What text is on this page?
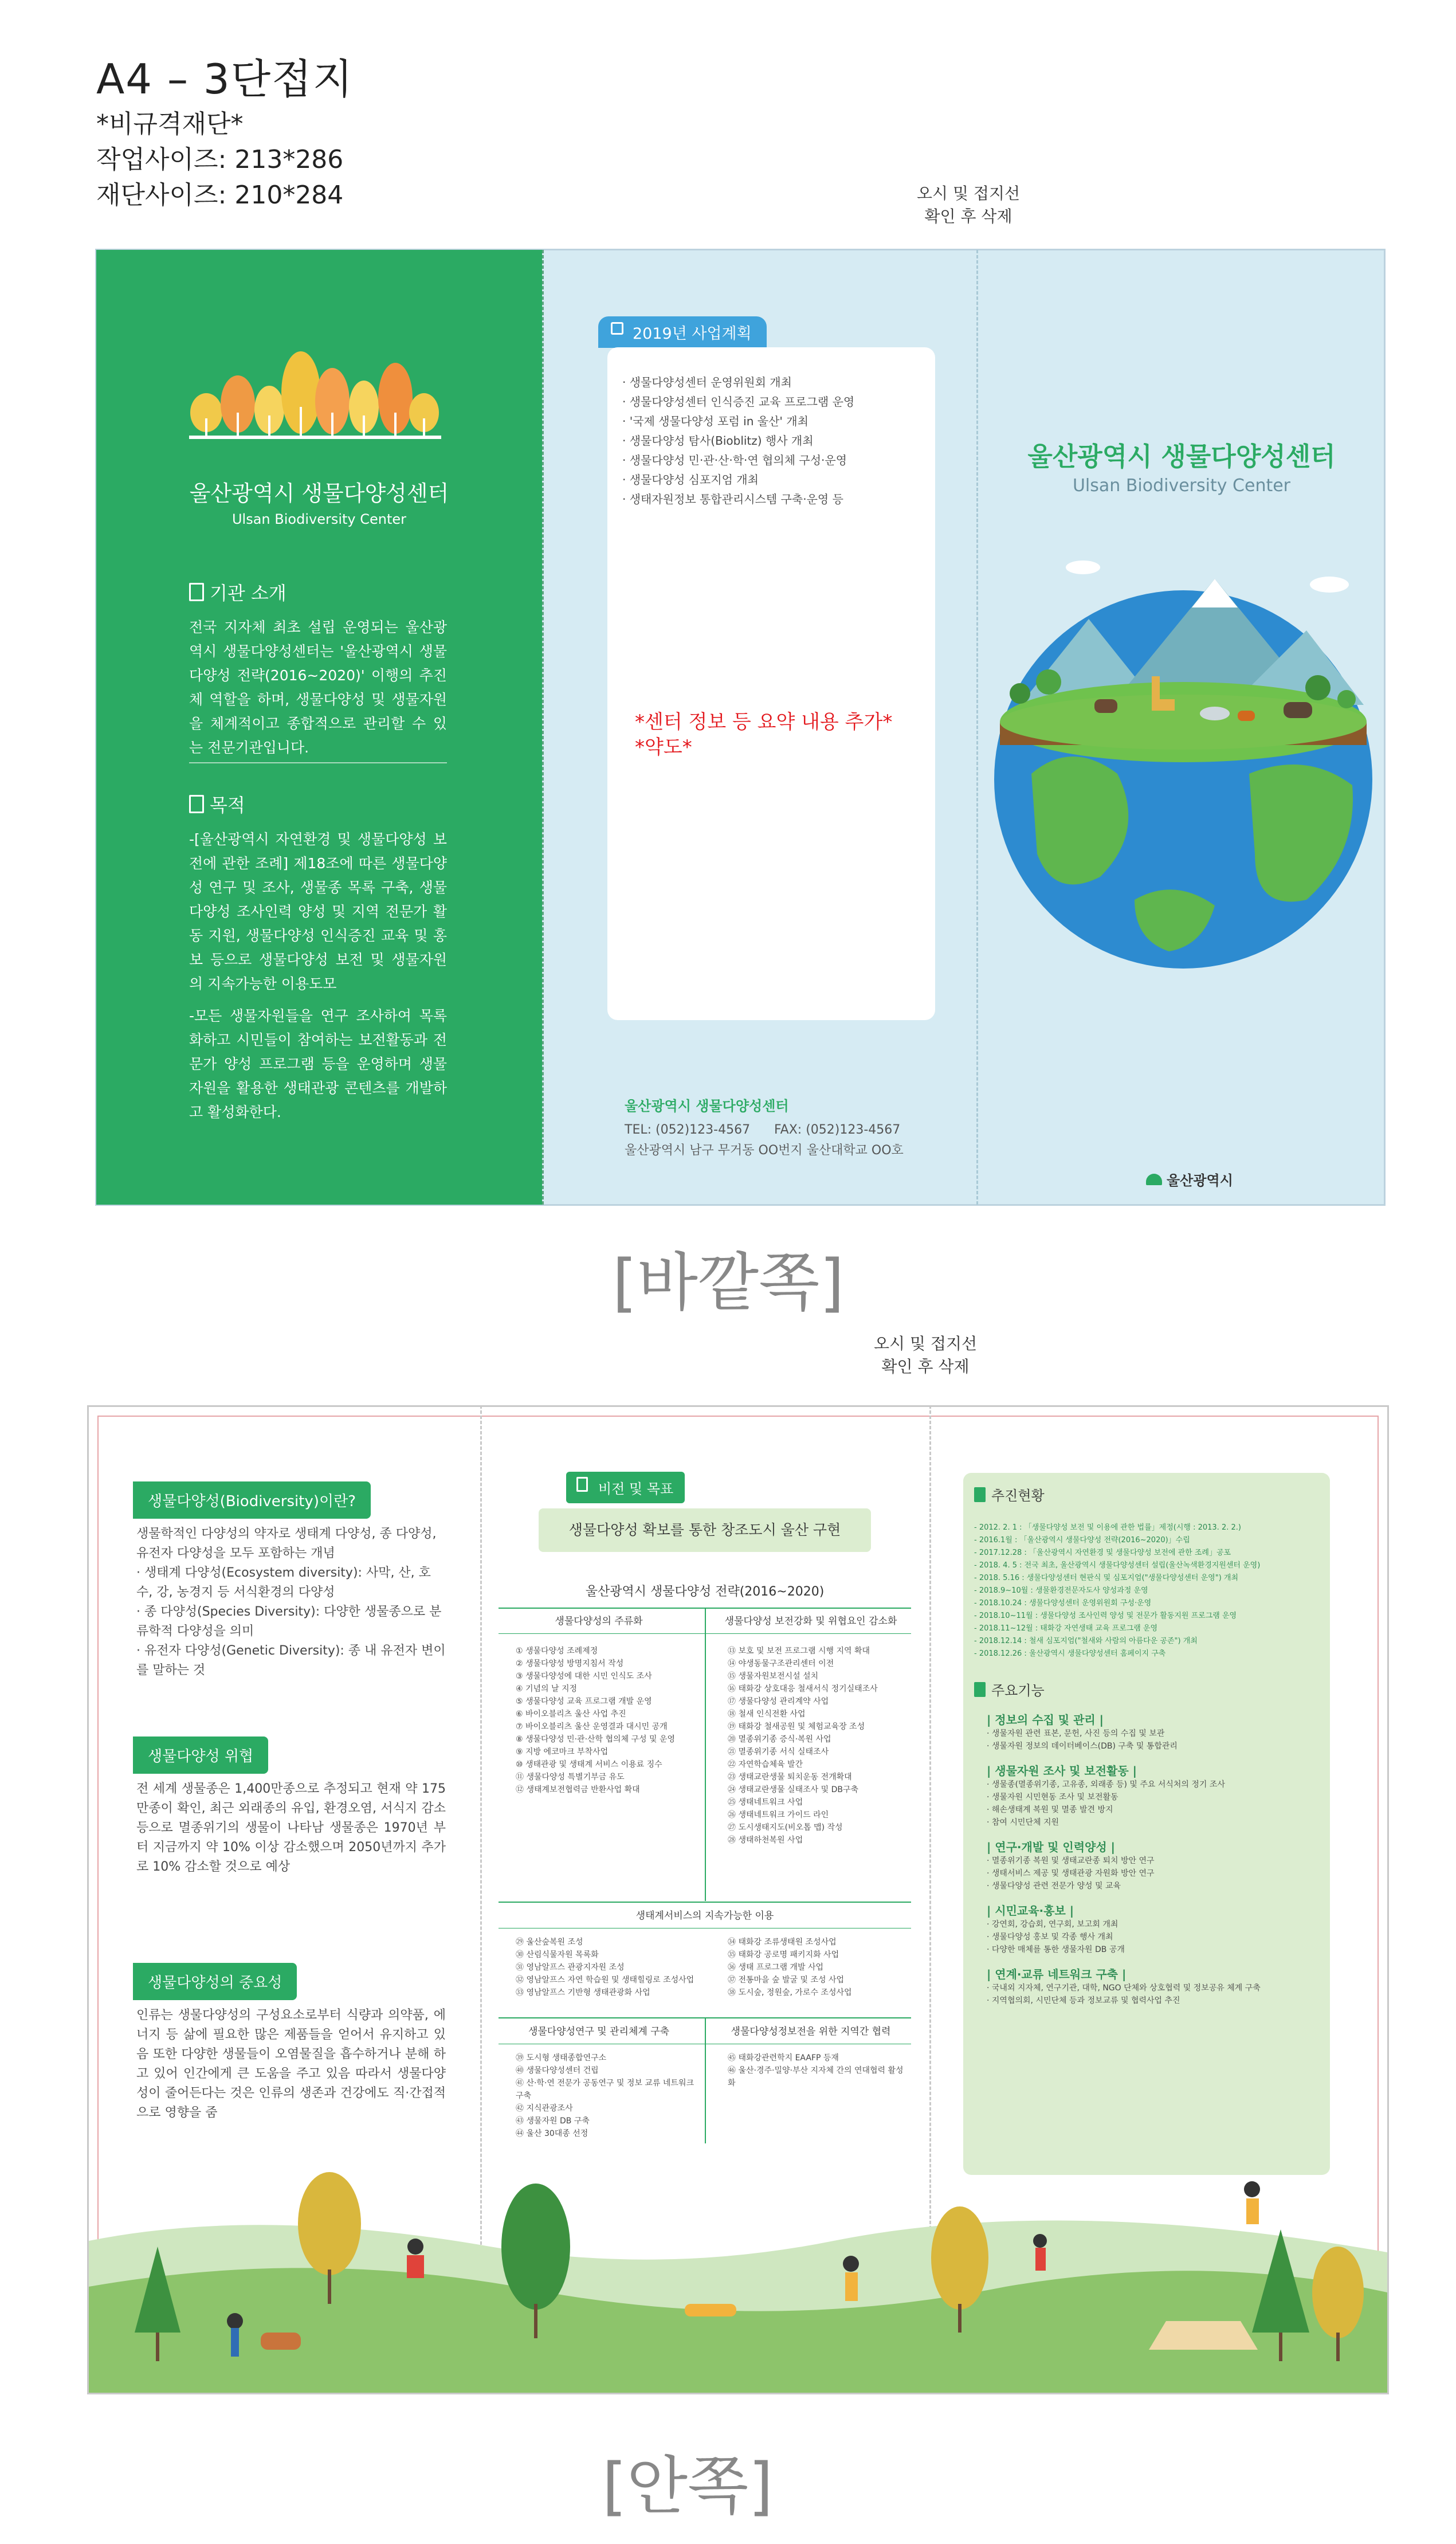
A4 – 3단접지
*비규격재단*
작업사이즈: 213*286
재단사이즈: 210*284	오시 및 접지선
확인 후 삭제
울산광역시 생물다양성센터
Ulsan Biodiversity Center
기관 소개
전국 지자체 최초 설립 운영되는 울산광역시 생물다양성센터는 '울산광역시 생물다양성 전략(2016~2020)' 이행의 추진체 역할을 하며, 생물다양성 및 생물자원을 체계적이고 종합적으로 관리할 수 있는 전문기관입니다.
목적
-[울산광역시 자연환경 및 생물다양성 보전에 관한 조례] 제18조에 따른 생물다양성 연구 및 조사, 생물종 목록 구축, 생물다양성 조사인력 양성 및 지역 전문가 활동 지원, 생물다양성 인식증진 교육 및 홍보 등으로 생물다양성 보전 및 생물자원의 지속가능한 이용도모
-모든 생물자원들을 연구 조사하여 목록화하고 시민들이 참여하는 보전활동과 전문가 양성 프로그램 등을 운영하며 생물자원을 활용한 생태관광 콘텐츠를 개발하고 활성화한다.
2019년 사업계획
· 생물다양성센터 운영위원회 개최
· 생물다양성센터 인식증진 교육 프로그램 운영
· '국제 생물다양성 포럼 in 울산' 개최
· 생물다양성 탐사(Bioblitz) 행사 개최
· 생물다양성 민·관·산·학·연 협의체 구성·운영
· 생물다양성 심포지엄 개최
· 생태자원정보 통합관리시스템 구축·운영 등
*센터 정보 등 요약 내용 추가*
*약도*
울산광역시 생물다양성센터
TEL: (052)123-4567      FAX: (052)123-4567
울산광역시 남구 무거동 OO번지 울산대학교 OO호
울산광역시 생물다양성센터
Ulsan Biodiversity Center
울산광역시
[바깥쪽]
오시 및 접지선
확인 후 삭제
생물다양성(Biodiversity)이란?
생물학적인 다양성의 약자로 생태계 다양성, 종 다양성, 유전자 다양성을 모두 포함하는 개념
· 생태계 다양성(Ecosystem diversity): 사막, 산, 호수, 강, 농경지 등 서식환경의 다양성
· 종 다양성(Species Diversity): 다양한 생물종으로 분류학적 다양성을 의미
· 유전자 다양성(Genetic Diversity): 종 내 유전자 변이를 말하는 것
생물다양성 위협
전 세계 생물종은 1,400만종으로 추정되고 현재 약 175만종이 확인, 최근 외래종의 유입, 환경오염, 서식지 감소 등으로 멸종위기의 생물이 나타남 생물종은 1970년 부터 지금까지 약 10% 이상 감소했으며 2050년까지 추가로 10% 감소할 것으로 예상
생물다양성의 중요성
인류는 생물다양성의 구성요소로부터 식량과 의약품, 에너지 등 삶에 필요한 많은 제품들을 얻어서 유지하고 있음 또한 다양한 생물들이 오염물질을 흡수하거나 분해 하고 있어 인간에게 큰 도움을 주고 있음 따라서 생물다양성이 줄어든다는 것은 인류의 생존과 건강에도 직·간접적으로 영향을 줌
비전 및 목표
생물다양성 확보를 통한 창조도시 울산 구현
울산광역시 생물다양성 전략(2016~2020)
생물다양성의 주류화	생물다양성 보전강화 및 위협요인 감소화
① 생물다양성 조례제정
② 생물다양성 방명지침서 작성
③ 생물다양성에 대한 시민 인식도 조사
④ 기념의 날 지정
⑤ 생물다양성 교육 프로그램 개발 운영
⑥ 바이오블리츠 울산 사업 추진
⑦ 바이오블리츠 울산 운영결과 대시민 공개
⑧ 생물다양성 민·관·산학 협의체 구성 및 운영
⑨ 지방 에코마크 부착사업
⑩ 생태관광 및 생태계 서비스 이용료 징수
⑪ 생물다양성 특별기부금 유도
⑫ 생태계보전협력금 반환사업 확대
⑬ 보호 및 보전 프로그램 시행 지역 확대
⑭ 야생동물구조관리센터 이전
⑮ 생물자원보전시설 설치
⑯ 태화강 상호대응 철새서식 정기실태조사
⑰ 생물다양성 관리계약 사업
⑱ 철새 인식전환 사업
⑲ 태화강 철새공원 및 체험교육장 조성
⑳ 멸종위기종 증식·복원 사업
㉑ 멸종위기종 서식 실태조사
㉒ 자연학습체육 발간
㉓ 생태교란생물 퇴치운동 전개확대
㉔ 생태교란생물 실태조사 및 DB구축
㉕ 생태네트워크 사업
㉖ 생태네트워크 가이드 라인
㉗ 도시생태지도(비오톱 맵) 작성
㉘ 생태하천복원 사업
생태계서비스의 지속가능한 이용
㉙ 울산숲복원 조성
㉚ 산림식물자원 목록화
㉛ 영남알프스 관광지자원 조성
㉜ 영남알프스 자연 학습원 및 생태힐링로 조성사업
㉝ 영남알프스 기반형 생태관광화 사업
㉞ 태화강 조류생태원 조성사업
㉟ 태화강 공로명 패키지화 사업
㊱ 생태 프로그램 개발 사업
㊲ 전통마을 숲 발굴 및 조성 사업
㊳ 도시숲, 정원숲, 가로수 조성사업
생물다양성연구 및 관리체계 구축	생물다양성정보전을 위한 지역간 협력
㊴ 도시형 생태종합연구소
㊵ 생물다양성센터 건립
㊶ 산·학·연 전문가 공동연구 및 정보 교류 네트워크 구축
㊷ 지식관광조사
㊸ 생물자원 DB 구축
㊹ 울산 30대종 선정
㊺ 태화강관련학지 EAAFP 등재
㊻ 울산·경주·밀양·부산 지자체 간의 연대협력 활성화
추진현황
- 2012. 2. 1 : 「생물다양성 보전 및 이용에 관한 법률」제정(시행 : 2013. 2. 2.)
- 2016.1월 : 「울산광역시 생물다양성 전략(2016~2020)」수립
- 2017.12.28 : 「울산광역시 자연환경 및 생물다양성 보전에 관한 조례」공포
- 2018. 4. 5 : 전국 최초, 울산광역시 생물다양성센터 설립(울산녹색환경지원센터 운영)
- 2018. 5.16 : 생물다양성센터 현판식 및 심포지엄("생물다양성센터 운영") 개최
- 2018.9~10월 : 생물환경전문자도사 양성과정 운영
- 2018.10.24 : 생물다양성센터 운영위원회 구성·운영
- 2018.10~11월 : 생물다양성 조사인력 양성 및 전문가 활동지원 프로그램 운영
- 2018.11~12월 : 태화강 자연생태 교육 프로그램 운영
- 2018.12.14 : 철새 심포지엄("철새와 사람의 아름다운 공존") 개최
- 2018.12.26 : 울산광역시 생물다양성센터 홈페이지 구축
주요기능
| 정보의 수집 및 관리 |
· 생물자원 관련 표본, 문헌, 사진 등의 수집 및 보관
· 생물자원 정보의 데이터베이스(DB) 구축 및 통합관리
| 생물자원 조사 및 보전활동 |
· 생물종(멸종위기종, 고유종, 외래종 등) 및 주요 서식처의 정기 조사
· 생물자원 시민현동 조사 및 보전활동
· 해손생태계 복원 및 멸종 발견 방지
· 참여 시민단체 지원
| 연구·개발 및 인력양성 |
· 멸종위기종 복원 및 생태교란종 퇴치 방안 연구
· 생태서비스 제공 및 생태관광 자원화 방안 연구
· 생물다양성 관련 전문가 양성 및 교육
| 시민교육·홍보 |
· 강연회, 강습회, 연구회, 보고회 개최
· 생물다양성 홍보 및 각종 행사 개최
· 다양한 매체를 통한 생물자원 DB 공개
| 연계·교류 네트워크 구축 |
· 국내외 지자체, 연구기관, 대학, NGO 단체와 상호협력 및 정보공유 체계 구축
· 지역협의회, 시민단체 등과 정보교류 및 협력사업 추진
[안쪽]
